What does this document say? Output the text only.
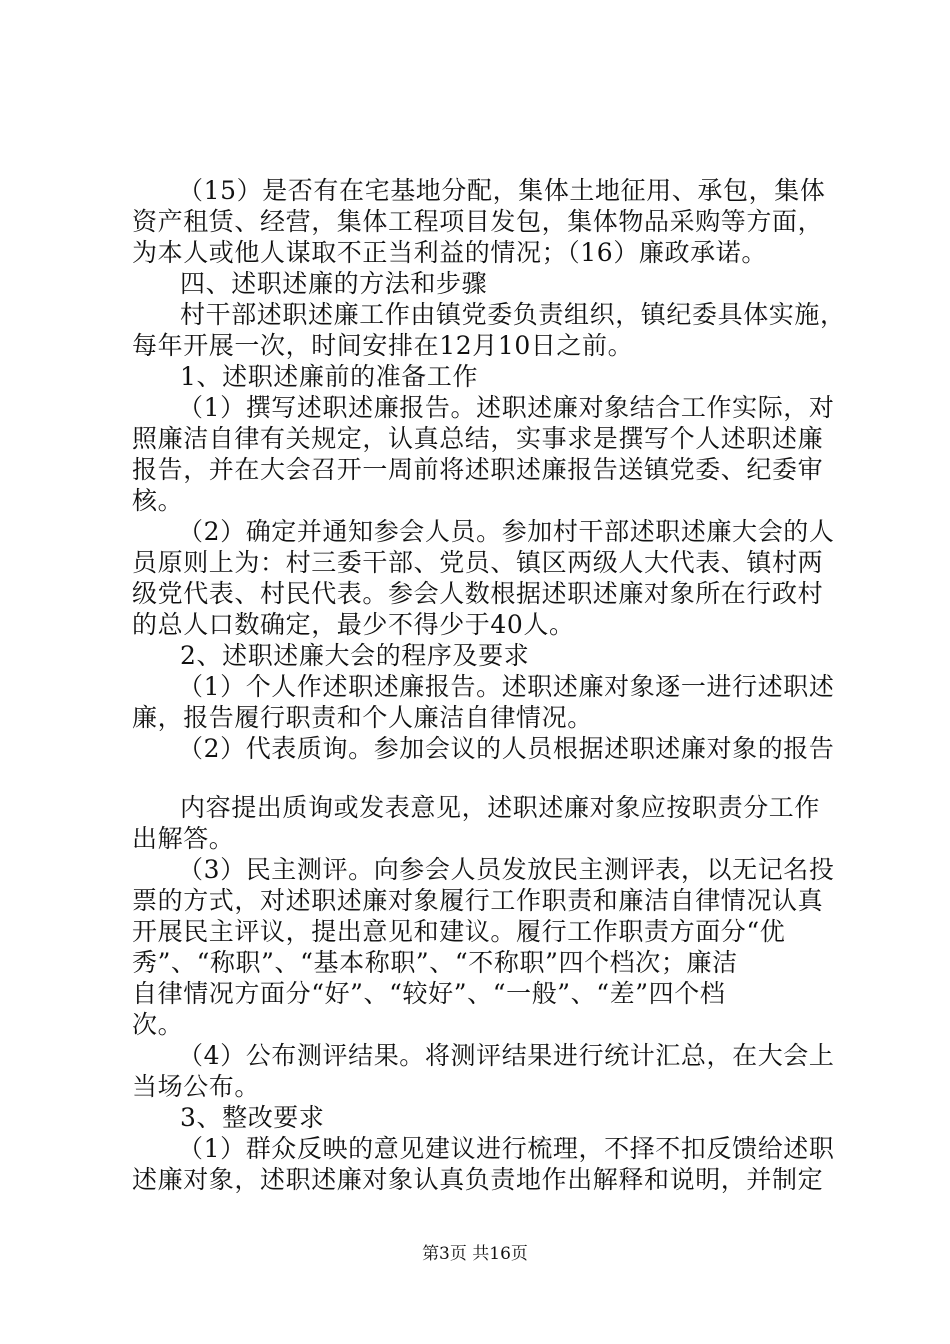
（15）是否有在宅基地分配，集体土地征用、承包，集体
资产租赁、经营，集体工程项目发包，集体物品采购等方面，
为本人或他人谋取不正当利益的情况；（16）廉政承诺。
四、述职述廉的方法和步骤
村干部述职述廉工作由镇党委负责组织，镇纪委具体实施，
每年开展一次，时间安排在12月10日之前。
1、述职述廉前的准备工作
（1）撰写述职述廉报告。述职述廉对象结合工作实际，对
照廉洁自律有关规定，认真总结，实事求是撰写个人述职述廉
报告，并在大会召开一周前将述职述廉报告送镇党委、纪委审
核。
（2）确定并通知参会人员。参加村干部述职述廉大会的人
员原则上为：村三委干部、党员、镇区两级人大代表、镇村两
级党代表、村民代表。参会人数根据述职述廉对象所在行政村
的总人口数确定，最少不得少于40人。
2、述职述廉大会的程序及要求
（1）个人作述职述廉报告。述职述廉对象逐一进行述职述
廉，报告履行职责和个人廉洁自律情况。
（2）代表质询。参加会议的人员根据述职述廉对象的报告
内容提出质询或发表意见，述职述廉对象应按职责分工作
出解答。
（3）民主测评。向参会人员发放民主测评表，以无记名投
票的方式，对述职述廉对象履行工作职责和廉洁自律情况认真
开展民主评议，提出意见和建议。履行工作职责方面分“优
秀”、“称职”、“基本称职”、“不称职”四个档次；廉洁
自律情况方面分“好”、“较好”、“一般”、“差”四个档
次。
（4）公布测评结果。将测评结果进行统计汇总，在大会上
当场公布。
3、整改要求
（1）群众反映的意见建议进行梳理，不择不扣反馈给述职
述廉对象，述职述廉对象认真负责地作出解释和说明，并制定
第3页 共16页
